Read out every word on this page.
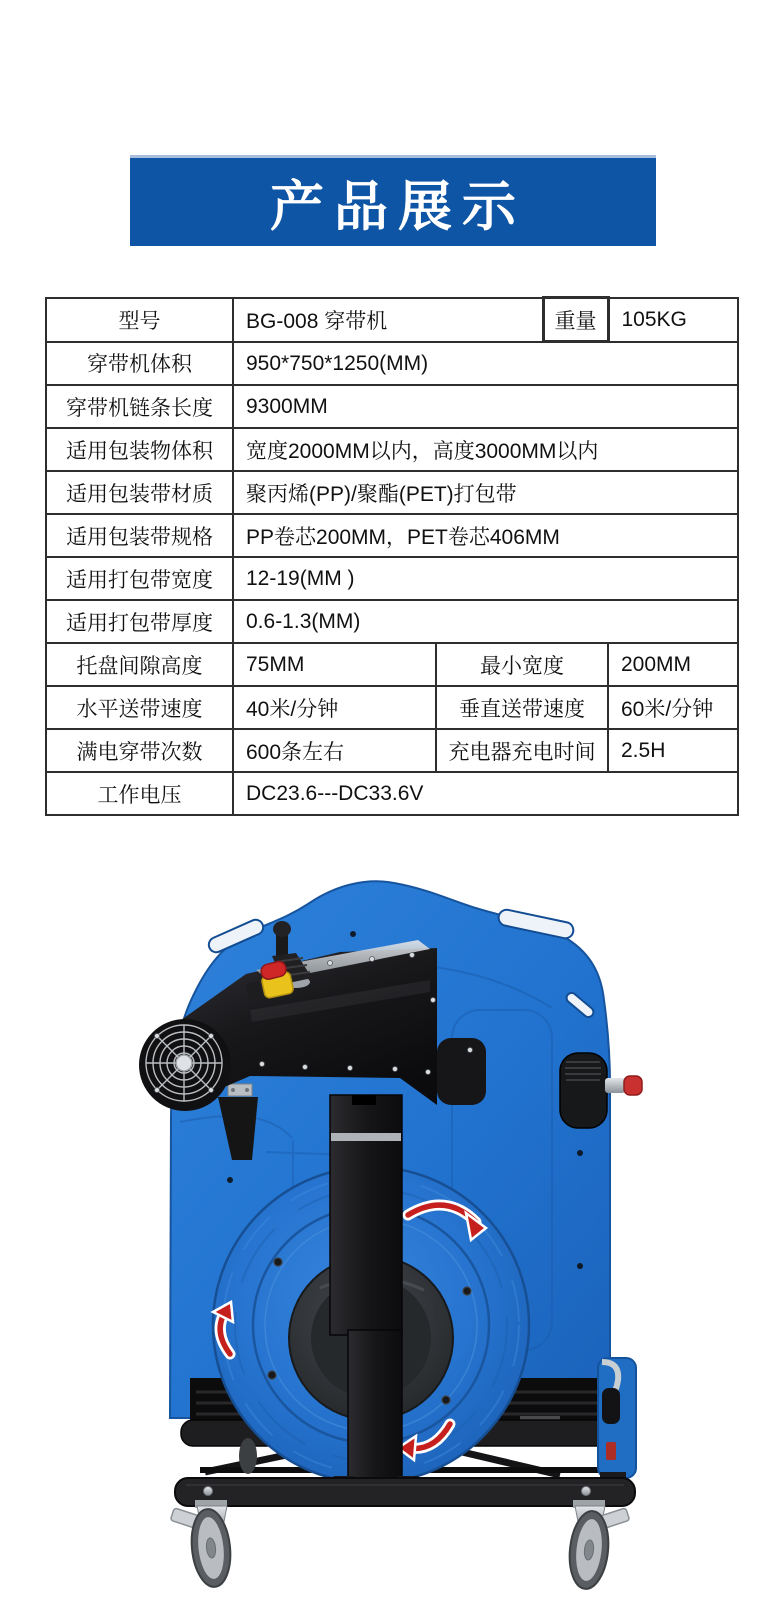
产品展示
型号	BG-008 穿带机		重量	105KG
穿带机体积	950*750*1250(MM)			
穿带机链条长度	9300MM			
适用包装物体积	宽度2000MM以内，高度3000MM以内			
适用包装带材质	聚丙烯(PP)/聚酯(PET)打包带			
适用包装带规格	PP卷芯200MM，PET卷芯406MM			
适用打包带宽度	12-19(MM )			
适用打包带厚度	0.6-1.3(MM)			
托盘间隙高度	75MM	最小宽度		200MM
水平送带速度	40米/分钟	垂直送带速度		60米/分钟
满电穿带次数	600条左右	充电器充电时间		2.5H
工作电压	DC23.6---DC33.6V			
